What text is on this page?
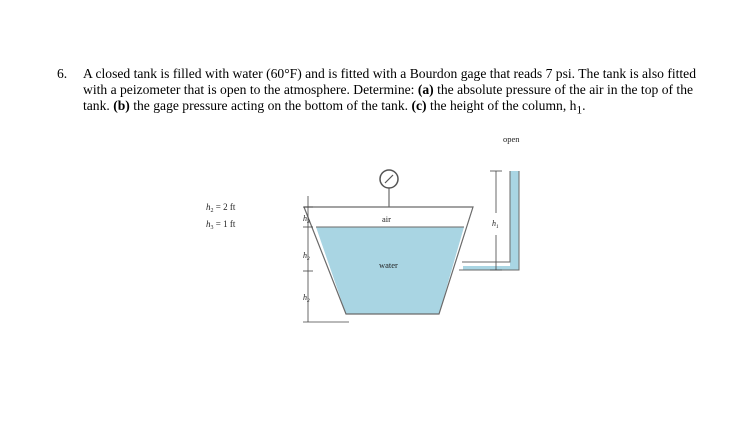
6. A closed tank is filled with water (60°F) and is fitted with a Bourdon gage that reads 7 psi. The tank is also fitted with a peizometer that is open to the atmosphere. Determine: (a) the absolute pressure of the air in the top of the tank. (b) the gage pressure acting on the bottom of the tank. (c) the height of the column, $h_1$.
$h_2 = 2$ ft
$h_3 = 1$ ft	air
water
open
$h_1$
$h_3$
$h_2$
$h_2$
